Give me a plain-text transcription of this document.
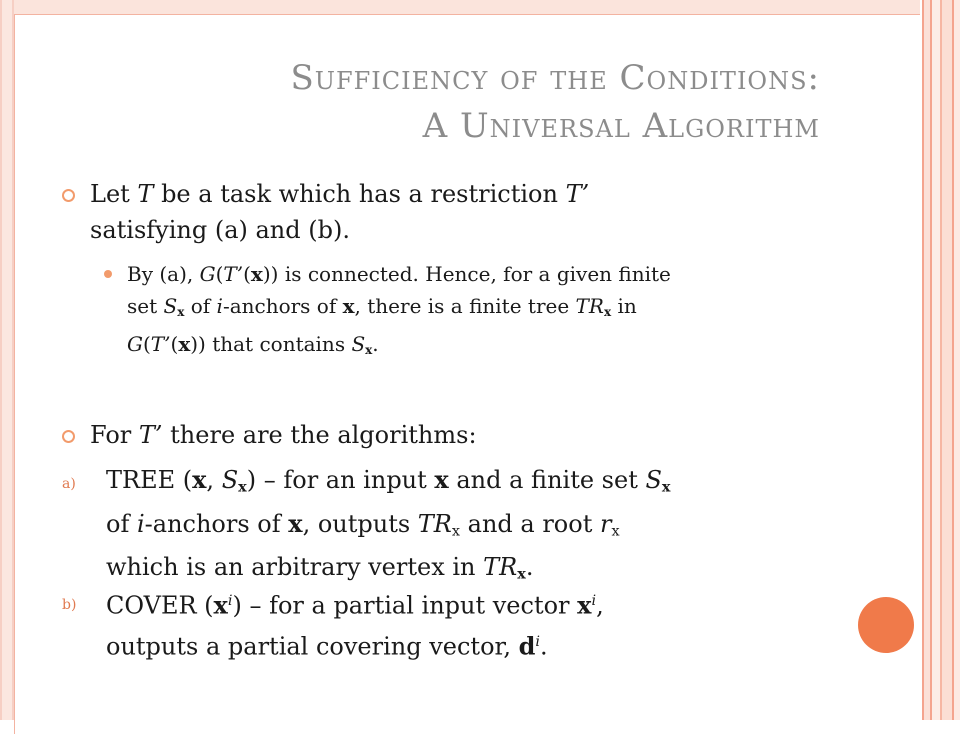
Sufficiency of the Conditions:
A Universal Algorithm
Let T be a task which has a restriction T’
satisfying (a) and (b).
By (a), G(T’(x)) is connected. Hence, for a given finite
set $S_x$ of i-anchors of x, there is a finite tree $TR_x$ in
G(T’(x)) that contains $S_x$.
For T’ there are the algorithms:
a) TREE (x, $S_x$) – for an input x and a finite set $S_x$
of i-anchors of x, outputs $TR_x$ and a root $r_x$
which is an arbitrary vertex in $TR_x$.
b) COVER $(x^i)$ – for a partial input vector $x^i$,
outputs a partial covering vector, $d^i$.
